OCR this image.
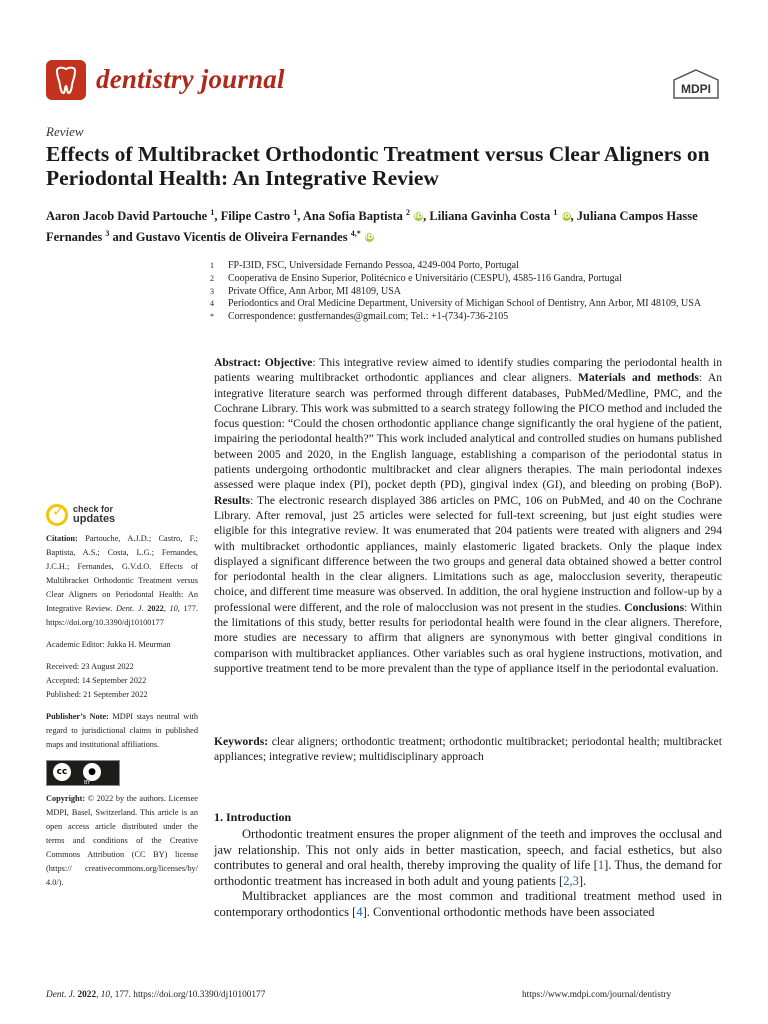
dentistry journal	MDPI
Review
Effects of Multibracket Orthodontic Treatment versus Clear Aligners on Periodontal Health: An Integrative Review
Aaron Jacob David Partouche $^1$, Filipe Castro $^1$, Ana Sofia Baptista $^2$ iD, Liliana Gavinha Costa $^1$ iD, Juliana Campos Hasse Fernandes $^3$ and Gustavo Vicentis de Oliveira Fernandes $^{4,*}$ iD
1	FP-I3ID, FSC, Universidade Fernando Pessoa, 4249-004 Porto, Portugal
2	Cooperativa de Ensino Superior, Politécnico e Universitário (CESPU), 4585-116 Gandra, Portugal
3	Private Office, Ann Arbor, MI 48109, USA
4	Periodontics and Oral Medicine Department, University of Michigan School of Dentistry, Ann Arbor, MI 48109, USA
*	Correspondence: gustfernandes@gmail.com; Tel.: +1-(734)-736-2105
Abstract: Objective: This integrative review aimed to identify studies comparing the periodontal health in patients wearing multibracket orthodontic appliances and clear aligners. Materials and methods: An integrative literature search was performed through different databases, PubMed/Medline, PMC, and the Cochrane Library. This work was submitted to a search strategy following the PICO method and included the focus question: “Could the chosen orthodontic appliance change significantly the oral hygiene of the patient, impairing the periodontal health?” This work included analytical and controlled studies on humans published between 2005 and 2020, in the English language, establishing a comparison of the periodontal status in patients undergoing orthodontic multibracket and clear aligners therapies. The main periodontal indexes assessed were plaque index (PI), pocket depth (PD), gingival index (GI), and bleeding on probing (BoP). Results: The electronic research displayed 386 articles on PMC, 106 on PubMed, and 40 on the Cochrane Library. After removal, just 25 articles were selected for full-text screening, but just eight studies were eligible for this integrative review. It was enumerated that 204 patients were treated with aligners and 294 with multibracket orthodontic appliances, mainly elastomeric ligated brackets. Only the plaque index displayed a significant difference between the two groups and general data obtained showed a better control for periodontal health in the clear aligners. Limitations such as age, malocclusion severity, therapeutic choice, and different time measure was observed. In addition, the oral hygiene instruction and follow-up by a professional were different, and the role of malocclusion was not present in the studies. Conclusions: Within the limitations of this study, better results for periodontal health were found in the clear aligners. Therefore, more studies are necessary to affirm that aligners are synonymous with better gingival conditions in comparison with multibracket appliances. Other variables such as oral hygiene instructions, motivation, and supportive treatment tend to be more prevalent than the type of appliance itself in the periodontal evaluation.
Keywords: clear aligners; orthodontic treatment; orthodontic multibracket; periodontal health; multibracket appliances; integrative review; multidisciplinary approach
1. Introduction

Orthodontic treatment ensures the proper alignment of the teeth and improves the occlusal and jaw relationship. This not only aids in better mastication, speech, and facial esthetics, but also contributes to general and oral health, thereby improving the quality of life [1]. Thus, the demand for orthodontic treatment has increased in both adult and young patients [2,3].

Multibracket appliances are the most common and traditional treatment method used in contemporary orthodontics [4]. Conventional orthodontic methods have been associated

✓
check for
updates
Citation: Partouche, A.J.D.; Castro, F.; Baptista, A.S.; Costa, L.G.; Fernandes, J.C.H.; Fernandes, G.V.d.O. Effects of Multibracket Orthodontic Treatment versus Clear Aligners on Periodontal Health: An Integrative Review. Dent. J. 2022, 10, 177. https://doi.org/10.3390/dj10100177
Academic Editor: Jukka H. Meurman
Received: 23 August 2022
Accepted: 14 September 2022
Published: 21 September 2022
Publisher’s Note: MDPI stays neutral with regard to jurisdictional claims in published maps and institutional affiliations.
cc	●
BY
Copyright: © 2022 by the authors. Licensee MDPI, Basel, Switzerland. This article is an open access article distributed under the terms and conditions of the Creative Commons Attribution (CC BY) license (https:// creativecommons.org/licenses/by/ 4.0/).
Dent. J. 2022, 10, 177. https://doi.org/10.3390/dj10100177	https://www.mdpi.com/journal/dentistry
